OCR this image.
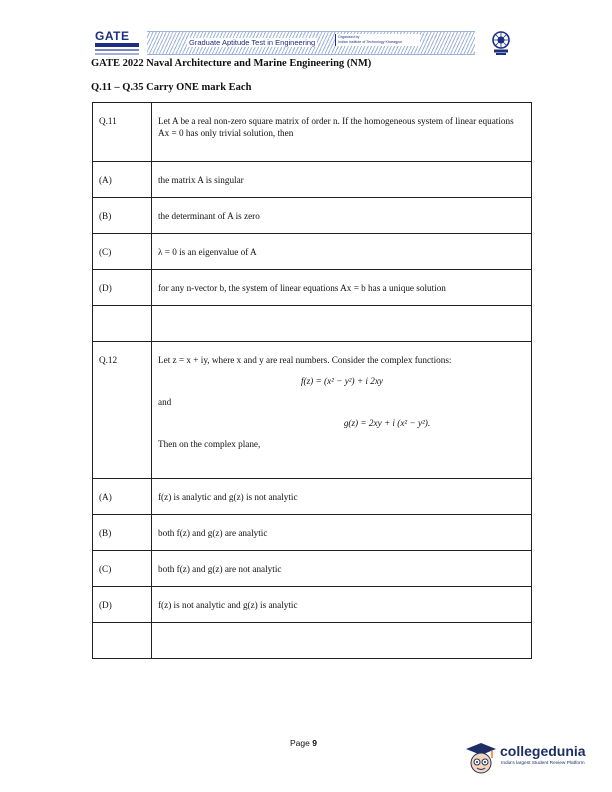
GATE	Graduate Aptitude Test in Engineering
Organised by
Indian Institute of Technology Kharagpur
GATE 2022 Naval Architecture and Marine Engineering (NM)
Q.11 – Q.35 Carry ONE mark Each
Q.11	Let A be a real non-zero square matrix of order n. If the homogeneous system of linear equations Ax = 0 has only trivial solution, then

(A)	the matrix A is singular

(B)	the determinant of A is zero

(C)	λ = 0 is an eigenvalue of A

(D)	for any n-vector b, the system of linear equations Ax = b has a unique solution

Q.12	Let z = x + iy, where x and y are real numbers. Consider the complex functions:
f(z) = (x² − y²) + i 2xy
and
g(z) = 2xy + i (x² − y²).
Then on the complex plane,

(A)	f(z) is analytic and g(z) is not analytic

(B)	both f(z) and g(z) are analytic

(C)	both f(z) and g(z) are not analytic

(D)	f(z) is not analytic and g(z) is analytic

Page 9	collegedunia
India's largest Student Review Platform
